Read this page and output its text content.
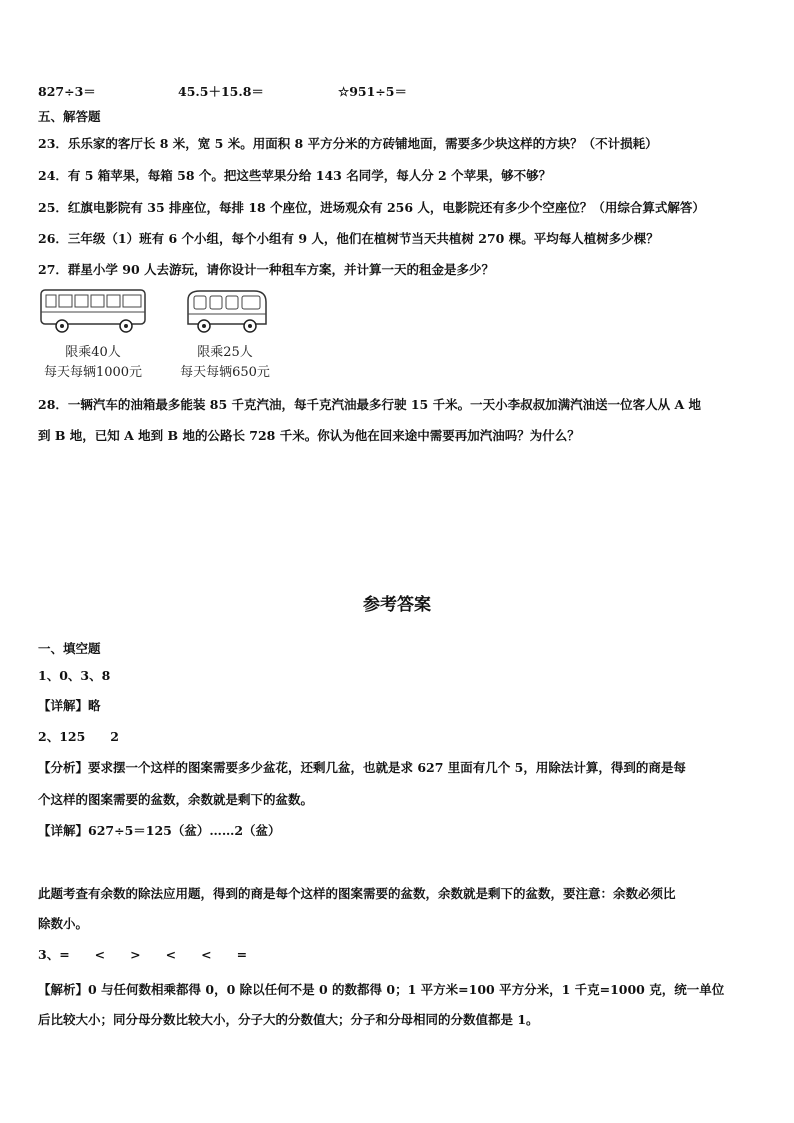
827÷3＝	45.5＋15.8＝	☆951÷5＝
五、解答题
23．乐乐家的客厅长 8 米，宽 5 米。用面积 8 平方分米的方砖铺地面，需要多少块这样的方块？（不计损耗）
24．有 5 箱苹果，每箱 58 个。把这些苹果分给 143 名同学，每人分 2 个苹果，够不够？
25．红旗电影院有 35 排座位，每排 18 个座位，进场观众有 256 人，电影院还有多少个空座位？（用综合算式解答）
26．三年级（1）班有 6 个小组，每个小组有 9 人，他们在植树节当天共植树 270 棵。平均每人植树多少棵？
27．群星小学 90 人去游玩，请你设计一种租车方案，并计算一天的租金是多少？
限乘40人
每天每辆1000元
限乘25人
每天每辆650元
28．一辆汽车的油箱最多能装 85 千克汽油，每千克汽油最多行驶 15 千米。一天小李叔叔加满汽油送一位客人从 A 地
到 B 地，已知 A 地到 B 地的公路长 728 千米。你认为他在回来途中需要再加汽油吗？为什么？
参考答案
一、填空题
1、0、3、8
【详解】略
2、125　　2
【分析】要求摆一个这样的图案需要多少盆花，还剩几盆，也就是求 627 里面有几个 5，用除法计算，得到的商是每
个这样的图案需要的盆数，余数就是剩下的盆数。
【详解】627÷5＝125（盆）……2（盆）
此题考查有余数的除法应用题，得到的商是每个这样的图案需要的盆数，余数就是剩下的盆数，要注意：余数必须比
除数小。
3、=　　<　　>　　<　　<　　=
【解析】0 与任何数相乘都得 0，0 除以任何不是 0 的数都得 0；1 平方米=100 平方分米，1 千克=1000 克，统一单位
后比较大小；同分母分数比较大小，分子大的分数值大；分子和分母相同的分数值都是 1。
